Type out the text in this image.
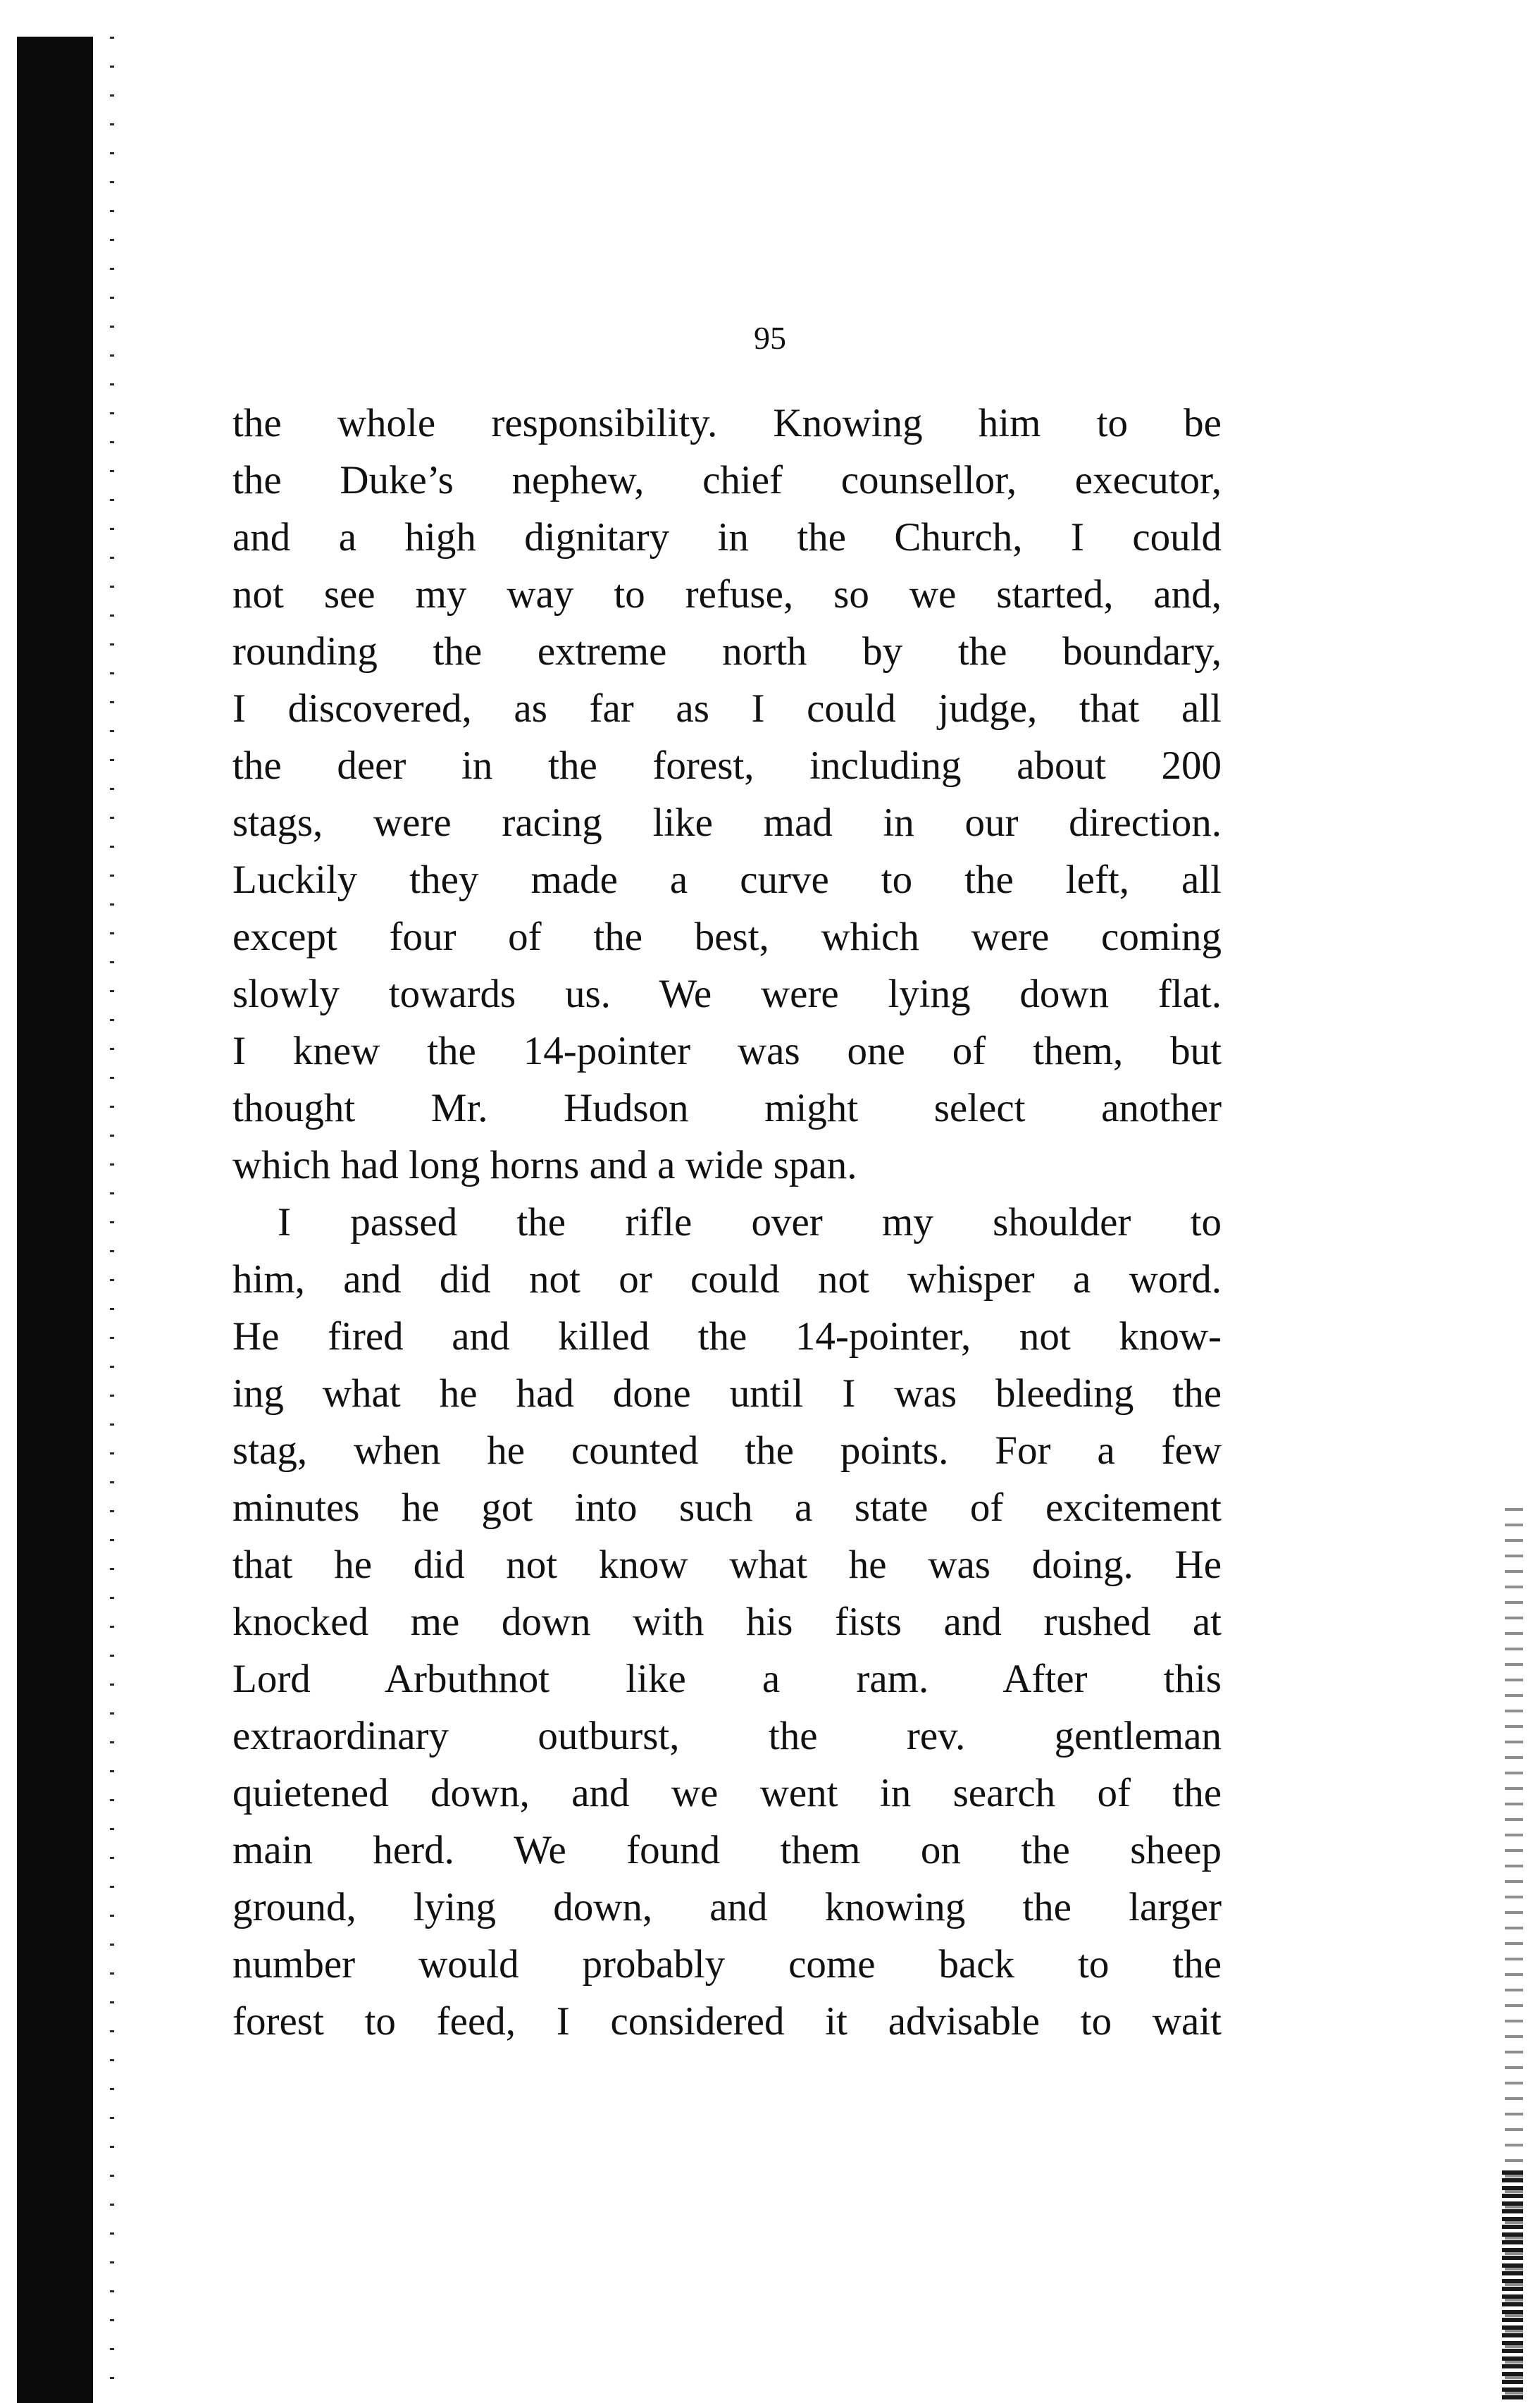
95
the whole responsibility. Knowing him to be
the Duke’s nephew, chief counsellor, executor,
and a high dignitary in the Church, I could
not see my way to refuse, so we started, and,
rounding the extreme north by the boundary,
I discovered, as far as I could judge, that all
the deer in the forest, including about 200
stags, were racing like mad in our direction.
Luckily they made a curve to the left, all
except four of the best, which were coming
slowly towards us. We were lying down flat.
I knew the 14-pointer was one of them, but
thought Mr. Hudson might select another
which had long horns and a wide span.
I passed the rifle over my shoulder to
him, and did not or could not whisper a word.
He fired and killed the 14-pointer, not know-
ing what he had done until I was bleeding the
stag, when he counted the points. For a few
minutes he got into such a state of excitement
that he did not know what he was doing. He
knocked me down with his fists and rushed at
Lord Arbuthnot like a ram. After this
extraordinary outburst, the rev. gentleman
quietened down, and we went in search of the
main herd. We found them on the sheep
ground, lying down, and knowing the larger
number would probably come back to the
forest to feed, I considered it advisable to wait
